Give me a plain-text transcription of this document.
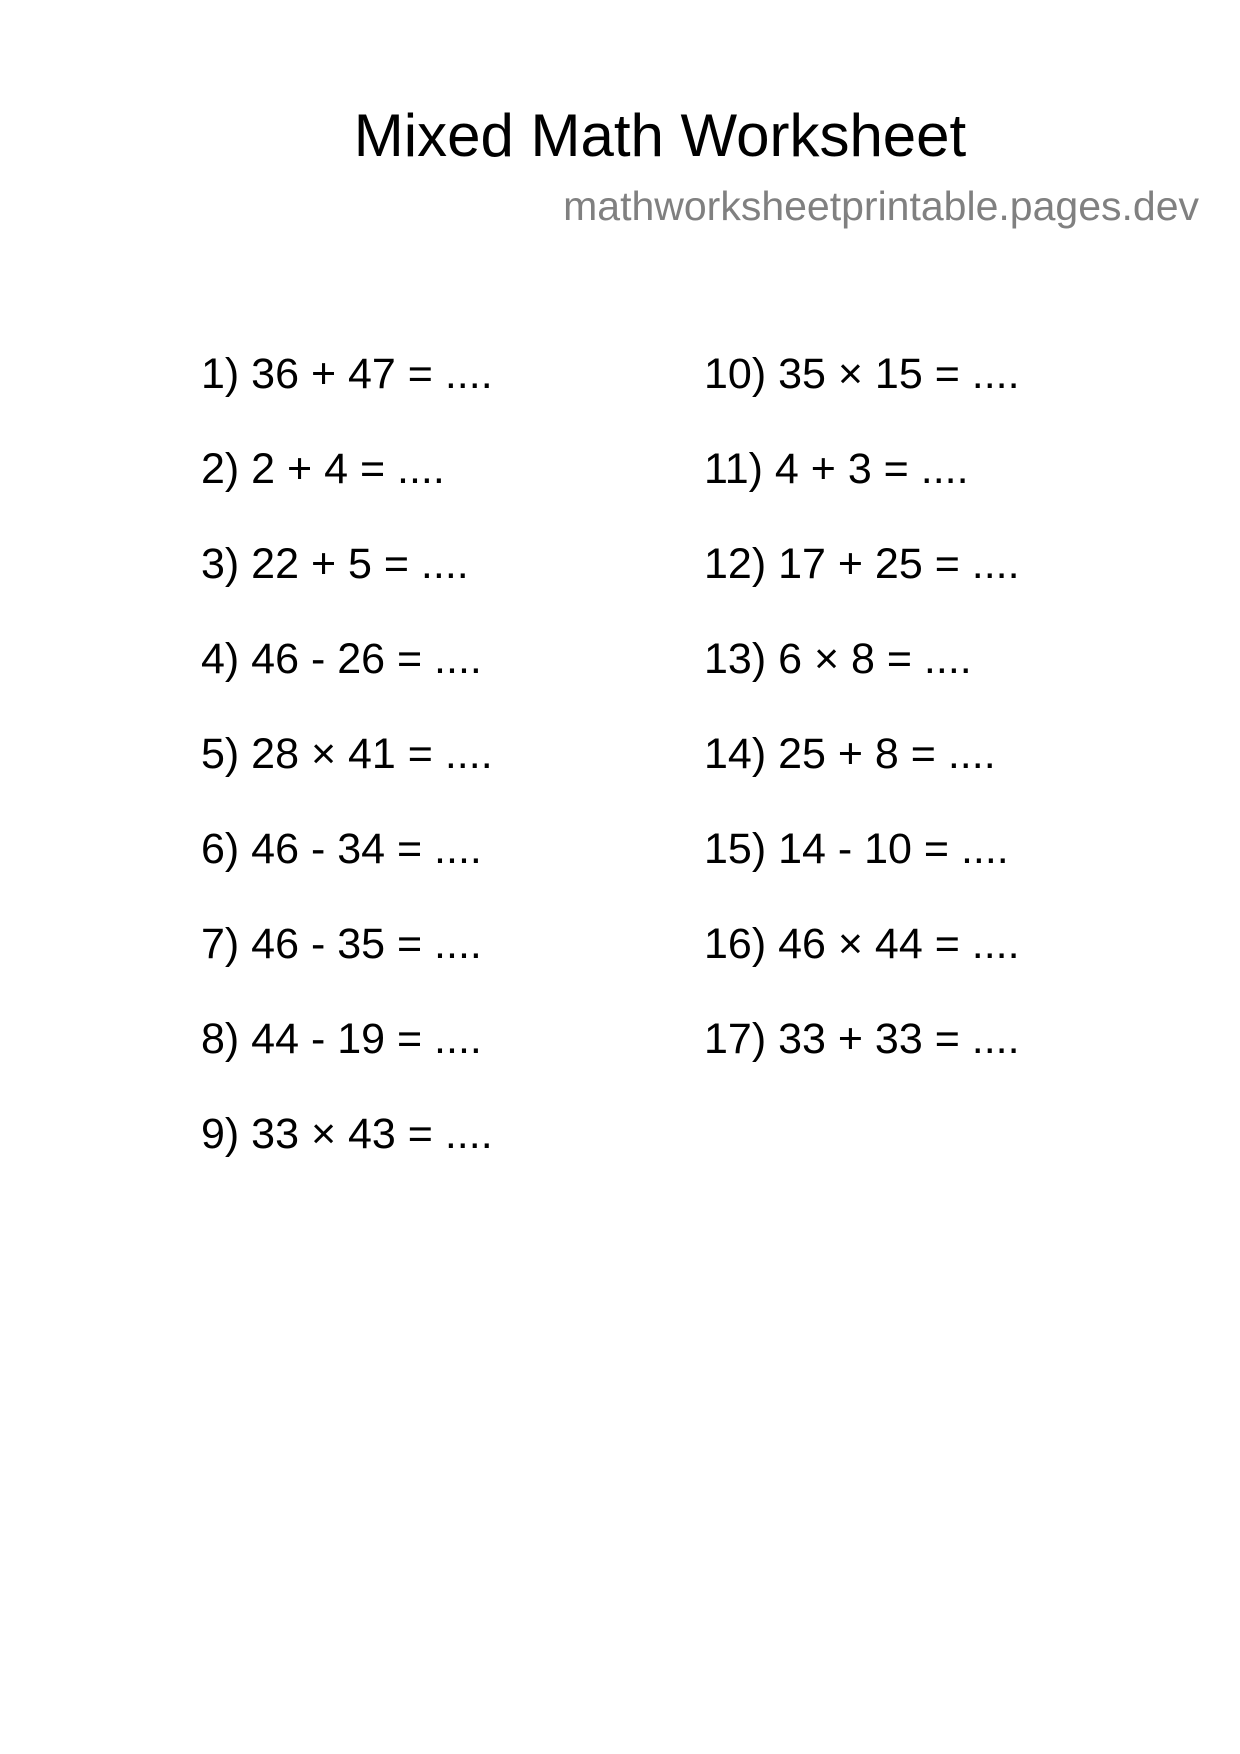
Mixed Math Worksheet
mathworksheetprintable.pages.dev
1) 36 + 47 = ....
2) 2 + 4 = ....
3) 22 + 5 = ....
4) 46 - 26 = ....
5) 28 × 41 = ....
6) 46 - 34 = ....
7) 46 - 35 = ....
8) 44 - 19 = ....
9) 33 × 43 = ....
10) 35 × 15 = ....
11) 4 + 3 = ....
12) 17 + 25 = ....
13) 6 × 8 = ....
14) 25 + 8 = ....
15) 14 - 10 = ....
16) 46 × 44 = ....
17) 33 + 33 = ....
